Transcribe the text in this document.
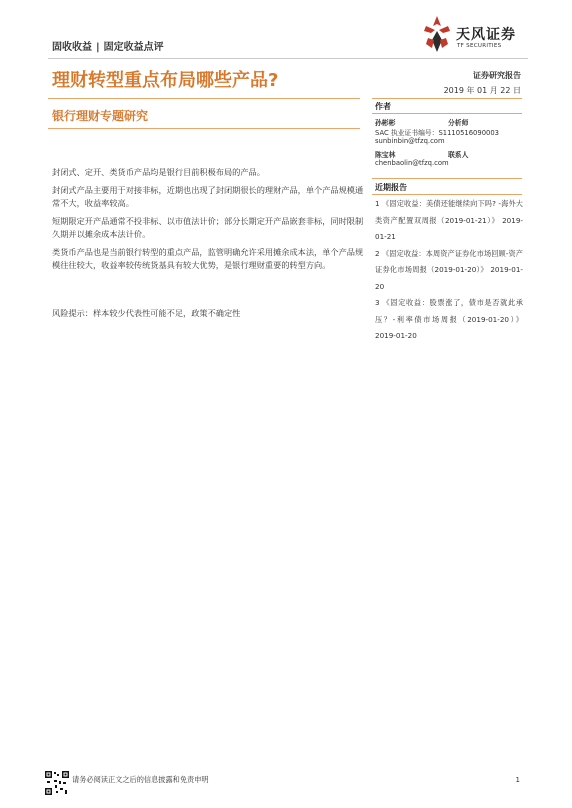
固收收益 | 固定收益点评
天风证券
TF SECURITIES
理财转型重点布局哪些产品?
银行理财专题研究
证券研究报告
2019 年 01 月 22 日
作者
孙彬彬	分析师
SAC 执业证书编号：S1110516090003
sunbinbin@tfzq.com
陈宝林	联系人
chenbaolin@tfzq.com
近期报告
1 《固定收益：美债还能继续向下吗? -海外大类资产配置双周报（2019-01-21）》 2019-01-21
2 《固定收益：本周资产证券化市场回顾-资产证券化市场周报（2019-01-20）》 2019-01-20
3 《固定收益：股票涨了，债市是否就此承压？-利率债市场周报（2019-01-20）》 2019-01-20
封闭式、定开、类货币产品均是银行目前积极布局的产品。
封闭式产品主要用于对接非标，近期也出现了封闭期很长的理财产品，单个产品规模通常不大，收益率较高。
短期限定开产品通常不投非标、以市值法计价；部分长期定开产品嵌套非标，同时限制久期并以摊余成本法计价。
类货币产品也是当前银行转型的重点产品，监管明确允许采用摊余成本法，单个产品规模往往较大，收益率较传统货基具有较大优势，是银行理财重要的转型方向。
风险提示：样本较少代表性可能不足，政策不确定性
请务必阅读正文之后的信息披露和免责申明	1
